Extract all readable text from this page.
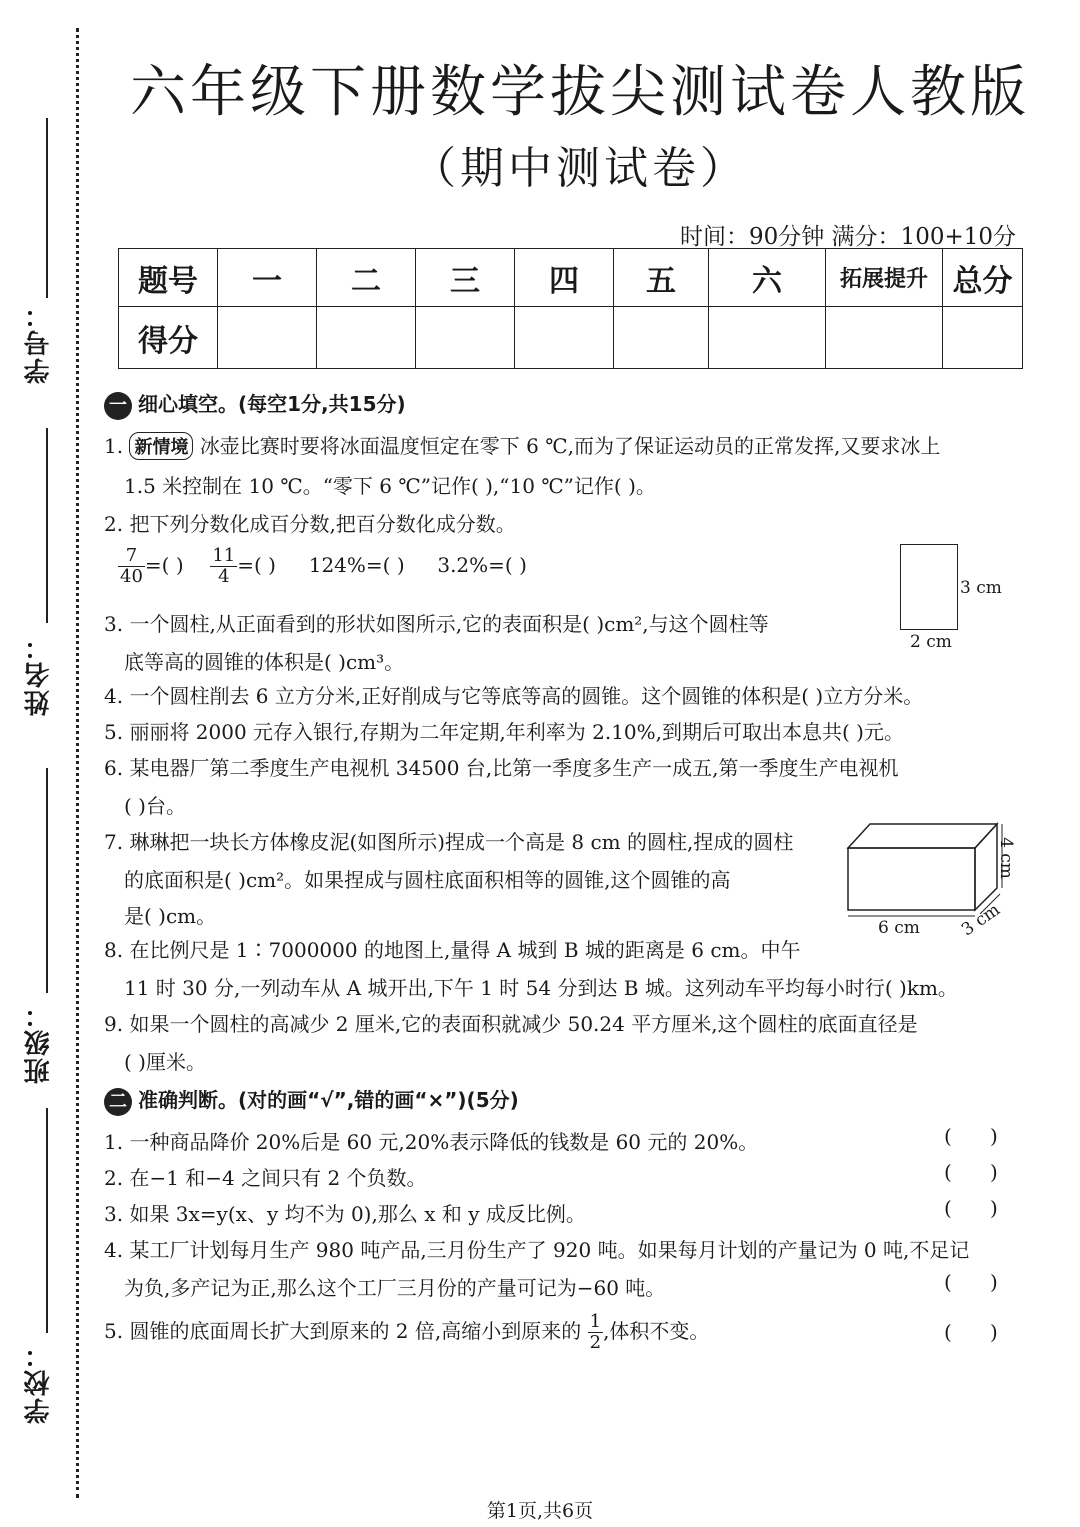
学号：
姓名：
班级：
学校：
六年级下册数学拔尖测试卷人教版
（期中测试卷）
时间：90分钟 满分：100+10分
题号	一	二	三	四	五	六	拓展提升	总分
得分								
一 细心填空。(每空1分,共15分)
1. 新情境 冰壶比赛时要将冰面温度恒定在零下 6 ℃,而为了保证运动员的正常发挥,又要求冰上
1.5 米控制在 10 ℃。“零下 6 ℃”记作( ),“10 ℃”记作( )。
2. 把下列分数化成百分数,把百分数化成分数。
$\frac{7}{40}$ =( ) $\frac{11}{4}$ =( ) 124%=( ) 3.2%=( )
3 cm
2 cm
3. 一个圆柱,从正面看到的形状如图所示,它的表面积是( )cm²,与这个圆柱等
底等高的圆锥的体积是( )cm³。
4. 一个圆柱削去 6 立方分米,正好削成与它等底等高的圆锥。这个圆锥的体积是( )立方分米。
5. 丽丽将 2000 元存入银行,存期为二年定期,年利率为 2.10%,到期后可取出本息共( )元。
6. 某电器厂第二季度生产电视机 34500 台,比第一季度多生产一成五,第一季度生产电视机
( )台。
6 cm 3 cm
4 cm
7. 琳琳把一块长方体橡皮泥(如图所示)捏成一个高是 8 cm 的圆柱,捏成的圆柱
的底面积是( )cm²。如果捏成与圆柱底面积相等的圆锥,这个圆锥的高
是( )cm。
8. 在比例尺是 1∶7000000 的地图上,量得 A 城到 B 城的距离是 6 cm。中午
11 时 30 分,一列动车从 A 城开出,下午 1 时 54 分到达 B 城。这列动车平均每小时行( )km。
9. 如果一个圆柱的高减少 2 厘米,它的表面积就减少 50.24 平方厘米,这个圆柱的底面直径是
( )厘米。
二 准确判断。(对的画“√”,错的画“×”)(5分)
1. 一种商品降价 20%后是 60 元,20%表示降低的钱数是 60 元的 20%。	(      )
2. 在−1 和−4 之间只有 2 个负数。	(      )
3. 如果 3x=y(x、y 均不为 0),那么 x 和 y 成反比例。	(      )
4. 某工厂计划每月生产 980 吨产品,三月份生产了 920 吨。如果每月计划的产量记为 0 吨,不足记
为负,多产记为正,那么这个工厂三月份的产量可记为−60 吨。	(      )
5. 圆锥的底面周长扩大到原来的 2 倍,高缩小到原来的 $\frac{1}{2}$ ,体积不变。	(      )
第1页,共6页
